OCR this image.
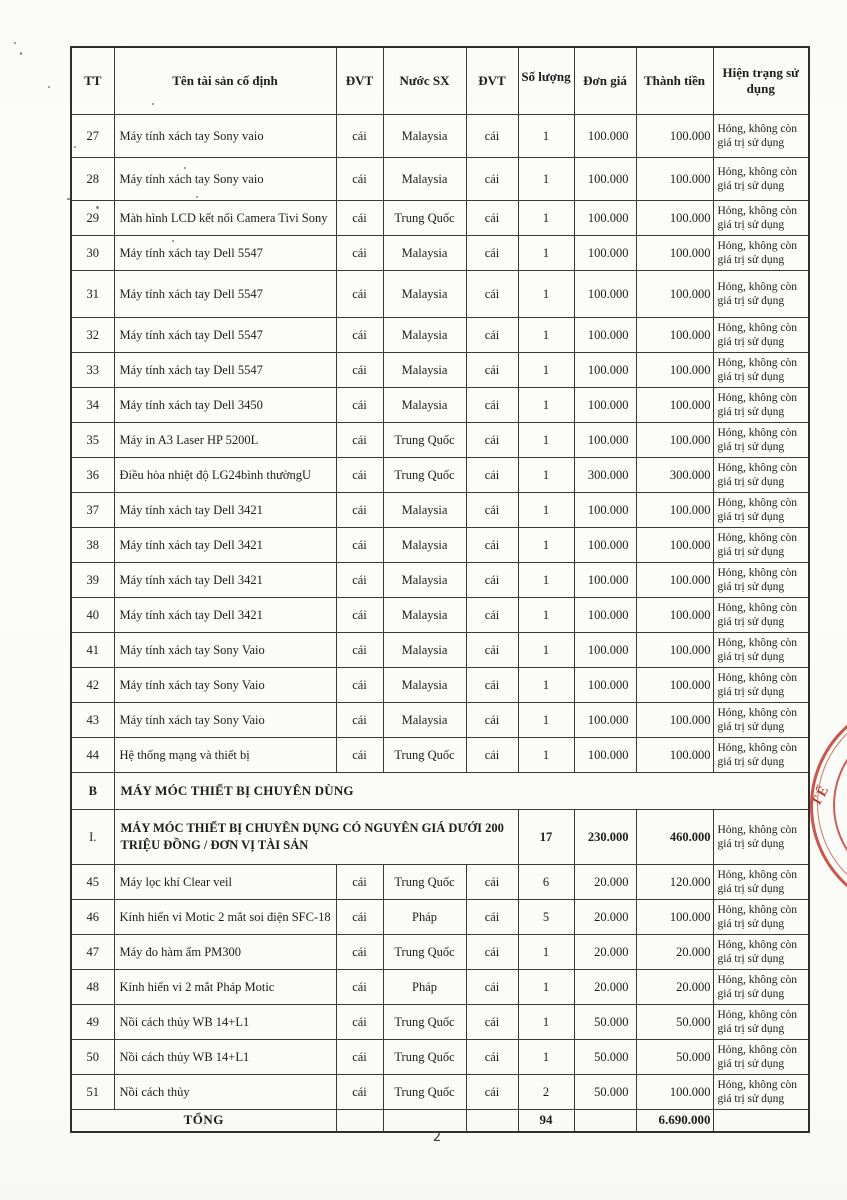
TT	Tên tài sản cố định	ĐVT	Nước SX	ĐVT	Số lượng	Đơn giá	Thành tiền	Hiện trạng sử dụng
27	Máy tính xách tay Sony vaio	cái	Malaysia	cái	1	100.000	100.000	Hỏng, không còn giá trị sử dụng
28	Máy tính xách tay Sony vaio	cái	Malaysia	cái	1	100.000	100.000	Hỏng, không còn giá trị sử dụng
29	Màn hình LCD kết nối Camera Tivi Sony	cái	Trung Quốc	cái	1	100.000	100.000	Hỏng, không còn giá trị sử dụng
30	Máy tính xách tay Dell 5547	cái	Malaysia	cái	1	100.000	100.000	Hỏng, không còn giá trị sử dụng
31	Máy tính xách tay Dell 5547	cái	Malaysia	cái	1	100.000	100.000	Hỏng, không còn giá trị sử dụng
32	Máy tính xách tay Dell 5547	cái	Malaysia	cái	1	100.000	100.000	Hỏng, không còn giá trị sử dụng
33	Máy tính xách tay Dell 5547	cái	Malaysia	cái	1	100.000	100.000	Hỏng, không còn giá trị sử dụng
34	Máy tính xách tay Dell 3450	cái	Malaysia	cái	1	100.000	100.000	Hỏng, không còn giá trị sử dụng
35	Máy in A3 Laser HP 5200L	cái	Trung Quốc	cái	1	100.000	100.000	Hỏng, không còn giá trị sử dụng
36	Điều hòa nhiệt độ LG24bình thườngU	cái	Trung Quốc	cái	1	300.000	300.000	Hỏng, không còn giá trị sử dụng
37	Máy tính xách tay Dell 3421	cái	Malaysia	cái	1	100.000	100.000	Hỏng, không còn giá trị sử dụng
38	Máy tính xách tay Dell 3421	cái	Malaysia	cái	1	100.000	100.000	Hỏng, không còn giá trị sử dụng
39	Máy tính xách tay Dell 3421	cái	Malaysia	cái	1	100.000	100.000	Hỏng, không còn giá trị sử dụng
40	Máy tính xách tay Dell 3421	cái	Malaysia	cái	1	100.000	100.000	Hỏng, không còn giá trị sử dụng
41	Máy tính xách tay Sony Vaio	cái	Malaysia	cái	1	100.000	100.000	Hỏng, không còn giá trị sử dụng
42	Máy tính xách tay Sony Vaio	cái	Malaysia	cái	1	100.000	100.000	Hỏng, không còn giá trị sử dụng
43	Máy tính xách tay Sony Vaio	cái	Malaysia	cái	1	100.000	100.000	Hỏng, không còn giá trị sử dụng
44	Hệ thống mạng và thiết bị	cái	Trung Quốc	cái	1	100.000	100.000	Hỏng, không còn giá trị sử dụng
B	MÁY MÓC THIẾT BỊ CHUYÊN DÙNG							
I.	MÁY MÓC THIẾT BỊ CHUYÊN DỤNG CÓ NGUYÊN GIÁ DƯỚI 200 TRIỆU ĐỒNG / ĐƠN VỊ TÀI SẢN				17	230.000	460.000	Hỏng, không còn giá trị sử dụng
45	Máy lọc khí Clear veil	cái	Trung Quốc	cái	6	20.000	120.000	Hỏng, không còn giá trị sử dụng
46	Kính hiển vi Motic 2 mắt soi điện SFC-18	cái	Pháp	cái	5	20.000	100.000	Hỏng, không còn giá trị sử dụng
47	Máy đo hàm ẩm PM300	cái	Trung Quốc	cái	1	20.000	20.000	Hỏng, không còn giá trị sử dụng
48	Kính hiển vi 2 mắt Pháp Motic	cái	Pháp	cái	1	20.000	20.000	Hỏng, không còn giá trị sử dụng
49	Nồi cách thủy WB 14+L1	cái	Trung Quốc	cái	1	50.000	50.000	Hỏng, không còn giá trị sử dụng
50	Nồi cách thủy WB 14+L1	cái	Trung Quốc	cái	1	50.000	50.000	Hỏng, không còn giá trị sử dụng
51	Nồi cách thủy	cái	Trung Quốc	cái	2	50.000	100.000	Hỏng, không còn giá trị sử dụng
TỔNG					94		6.690.000	
TẾ
2
